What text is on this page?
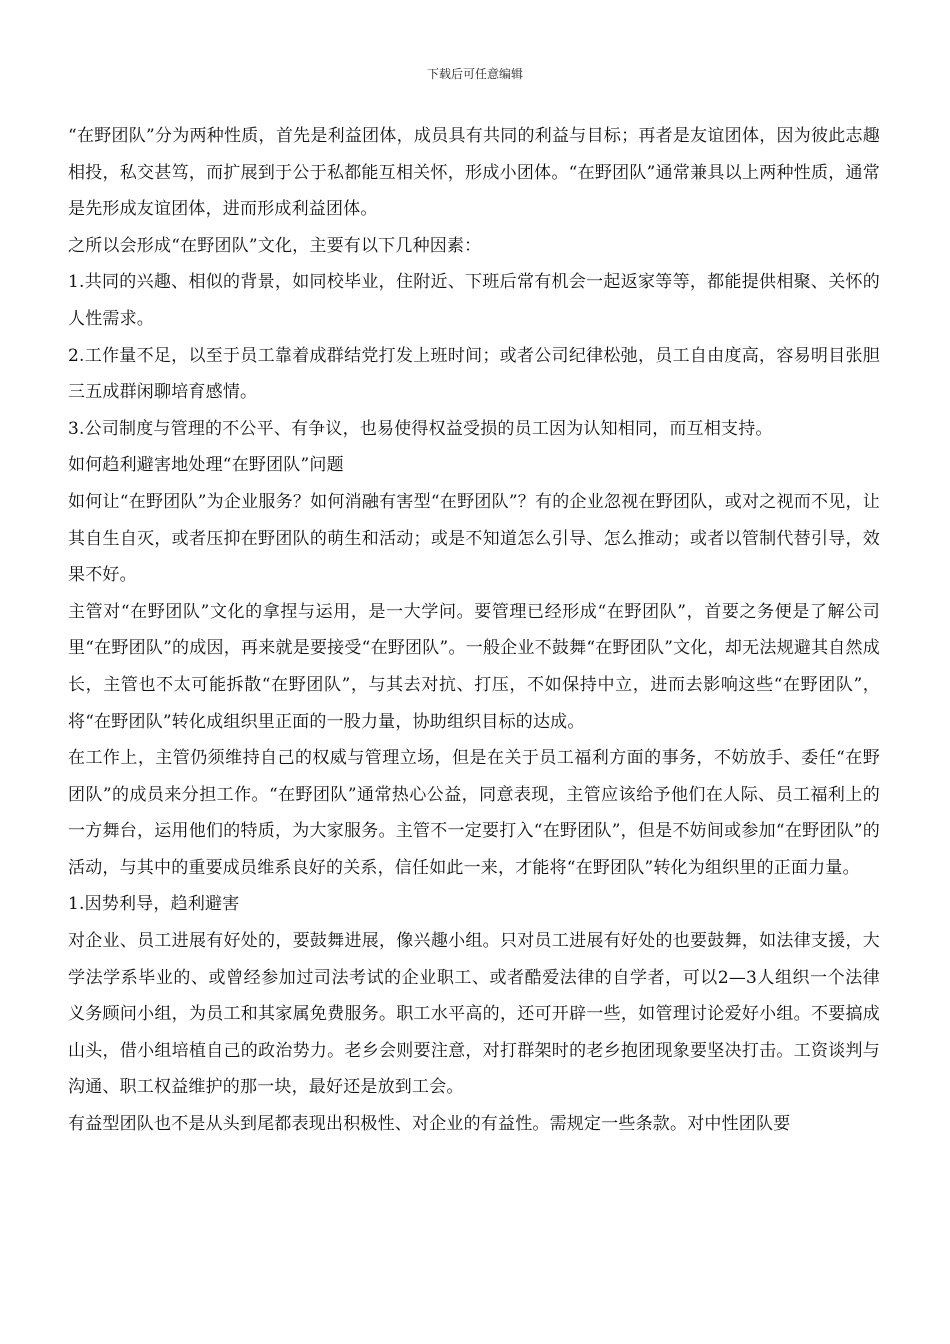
下载后可任意编辑

“在野团队”分为两种性质，首先是利益团体，成员具有共同的利益与目标；再者是友谊团体，因为彼此志趣相投，私交甚笃，而扩展到于公于私都能互相关怀，形成小团体。“在野团队”通常兼具以上两种性质，通常是先形成友谊团体，进而形成利益团体。

之所以会形成“在野团队”文化，主要有以下几种因素：

1.共同的兴趣、相似的背景，如同校毕业，住附近、下班后常有机会一起返家等等，都能提供相聚、关怀的人性需求。

2.工作量不足，以至于员工靠着成群结党打发上班时间；或者公司纪律松弛，员工自由度高，容易明目张胆三五成群闲聊培育感情。

3.公司制度与管理的不公平、有争议，也易使得权益受损的员工因为认知相同，而互相支持。

如何趋利避害地处理“在野团队”问题

如何让“在野团队”为企业服务？如何消融有害型“在野团队”？有的企业忽视在野团队，或对之视而不见，让其自生自灭，或者压抑在野团队的萌生和活动；或是不知道怎么引导、怎么推动；或者以管制代替引导，效果不好。

主管对“在野团队”文化的拿捏与运用，是一大学问。要管理已经形成“在野团队”，首要之务便是了解公司里“在野团队”的成因，再来就是要接受“在野团队”。一般企业不鼓舞“在野团队”文化，却无法规避其自然成长，主管也不太可能拆散“在野团队”，与其去对抗、打压，不如保持中立，进而去影响这些“在野团队”，将“在野团队”转化成组织里正面的一股力量，协助组织目标的达成。

在工作上，主管仍须维持自己的权威与管理立场，但是在关于员工福利方面的事务，不妨放手、委任“在野团队”的成员来分担工作。“在野团队”通常热心公益，同意表现，主管应该给予他们在人际、员工福利上的一方舞台，运用他们的特质，为大家服务。主管不一定要打入“在野团队”，但是不妨间或参加“在野团队”的活动，与其中的重要成员维系良好的关系，信任如此一来，才能将“在野团队”转化为组织里的正面力量。

1.因势利导，趋利避害

对企业、员工进展有好处的，要鼓舞进展，像兴趣小组。只对员工进展有好处的也要鼓舞，如法律支援，大学法学系毕业的、或曾经参加过司法考试的企业职工、或者酷爱法律的自学者，可以2—3人组织一个法律义务顾问小组，为员工和其家属免费服务。职工水平高的，还可开辟一些，如管理讨论爱好小组。不要搞成山头，借小组培植自己的政治势力。老乡会则要注意，对打群架时的老乡抱团现象要坚决打击。工资谈判与沟通、职工权益维护的那一块，最好还是放到工会。

有益型团队也不是从头到尾都表现出积极性、对企业的有益性。需规定一些条款。对中性团队要
